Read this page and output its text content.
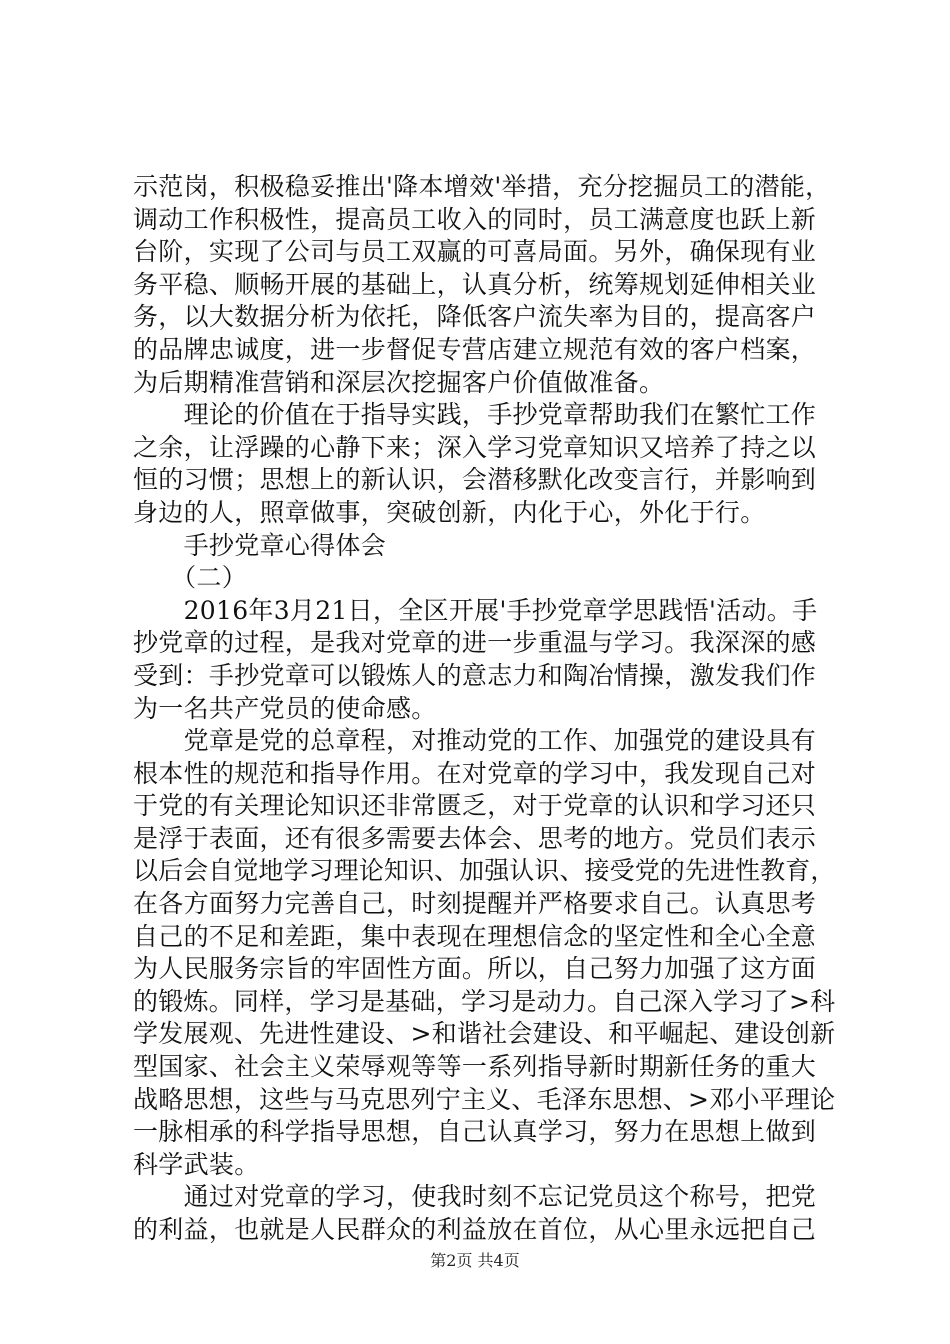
示范岗，积极稳妥推出'降本增效'举措，充分挖掘员工的潜能，
调动工作积极性，提高员工收入的同时，员工满意度也跃上新
台阶，实现了公司与员工双赢的可喜局面。另外，确保现有业
务平稳、顺畅开展的基础上，认真分析，统筹规划延伸相关业
务，以大数据分析为依托，降低客户流失率为目的，提高客户
的品牌忠诚度，进一步督促专营店建立规范有效的客户档案，
为后期精准营销和深层次挖掘客户价值做准备。
　　理论的价值在于指导实践，手抄党章帮助我们在繁忙工作
之余，让浮躁的心静下来；深入学习党章知识又培养了持之以
恒的习惯；思想上的新认识，会潜移默化改变言行，并影响到
身边的人，照章做事，突破创新，内化于心，外化于行。
　　手抄党章心得体会
　　（二）
　　2016年3月21日，全区开展'手抄党章学思践悟'活动。手
抄党章的过程，是我对党章的进一步重温与学习。我深深的感
受到：手抄党章可以锻炼人的意志力和陶冶情操，激发我们作
为一名共产党员的使命感。
　　党章是党的总章程，对推动党的工作、加强党的建设具有
根本性的规范和指导作用。在对党章的学习中，我发现自己对
于党的有关理论知识还非常匮乏，对于党章的认识和学习还只
是浮于表面，还有很多需要去体会、思考的地方。党员们表示
以后会自觉地学习理论知识、加强认识、接受党的先进性教育，
在各方面努力完善自己，时刻提醒并严格要求自己。认真思考
自己的不足和差距，集中表现在理想信念的坚定性和全心全意
为人民服务宗旨的牢固性方面。所以，自己努力加强了这方面
的锻炼。同样，学习是基础，学习是动力。自己深入学习了>科
学发展观、先进性建设、>和谐社会建设、和平崛起、建设创新
型国家、社会主义荣辱观等等一系列指导新时期新任务的重大
战略思想，这些与马克思列宁主义、毛泽东思想、>邓小平理论
一脉相承的科学指导思想，自己认真学习，努力在思想上做到
科学武装。
　　通过对党章的学习，使我时刻不忘记党员这个称号，把党
的利益，也就是人民群众的利益放在首位，从心里永远把自己
第2页 共4页
